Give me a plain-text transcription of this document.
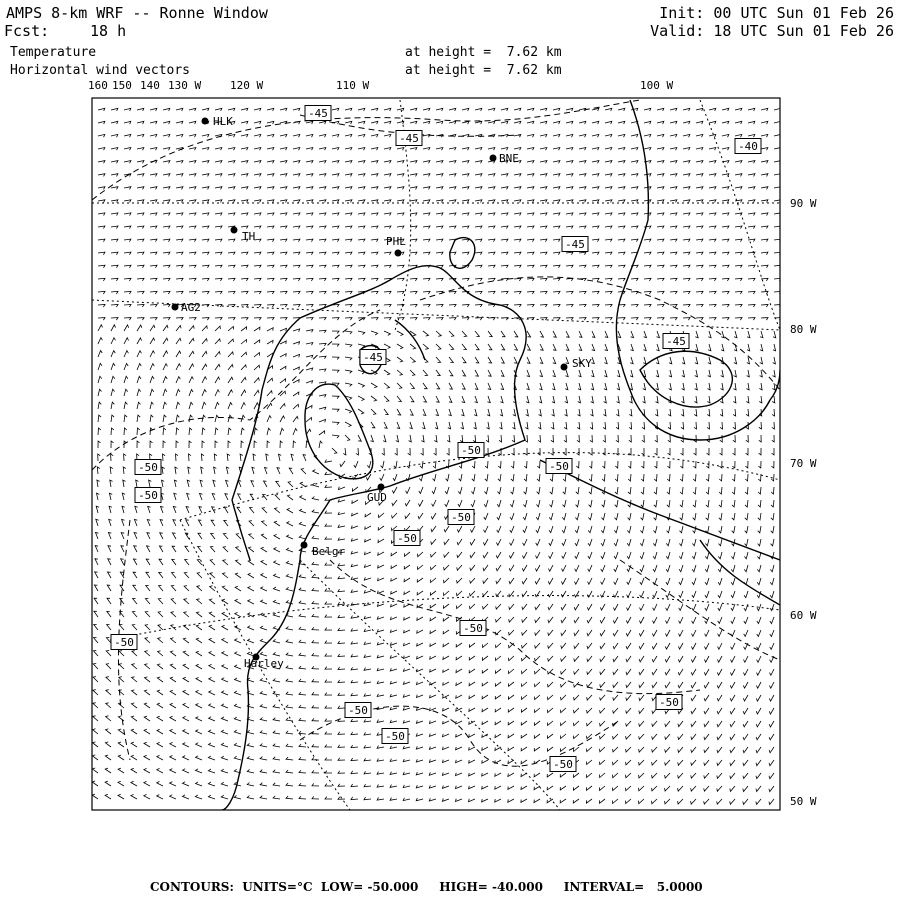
AMPS 8-km WRF -- Ronne Window
Fcst:	18 h
Init: 00 UTC Sun 01 Feb 26
Valid: 18 UTC Sun 01 Feb 26
Temperature
Horizontal wind vectors
at height =  7.62 km
at height =  7.62 km
HLK
BNE
TH	PHL
AG2
SKY
GUD
Belgr
Harley
-45
-45
-40
-45
-45
-45
-50
-50
-50
-50
-50
-50
-50
-50
-50
-50
-50
-50
160 150 140 130 W	120 W	110 W	100 W
90 W
80 W
70 W
60 W
50 W
CONTOURS:  UNITS=°C  LOW= -50.000     HIGH= -40.000     INTERVAL=   5.0000
